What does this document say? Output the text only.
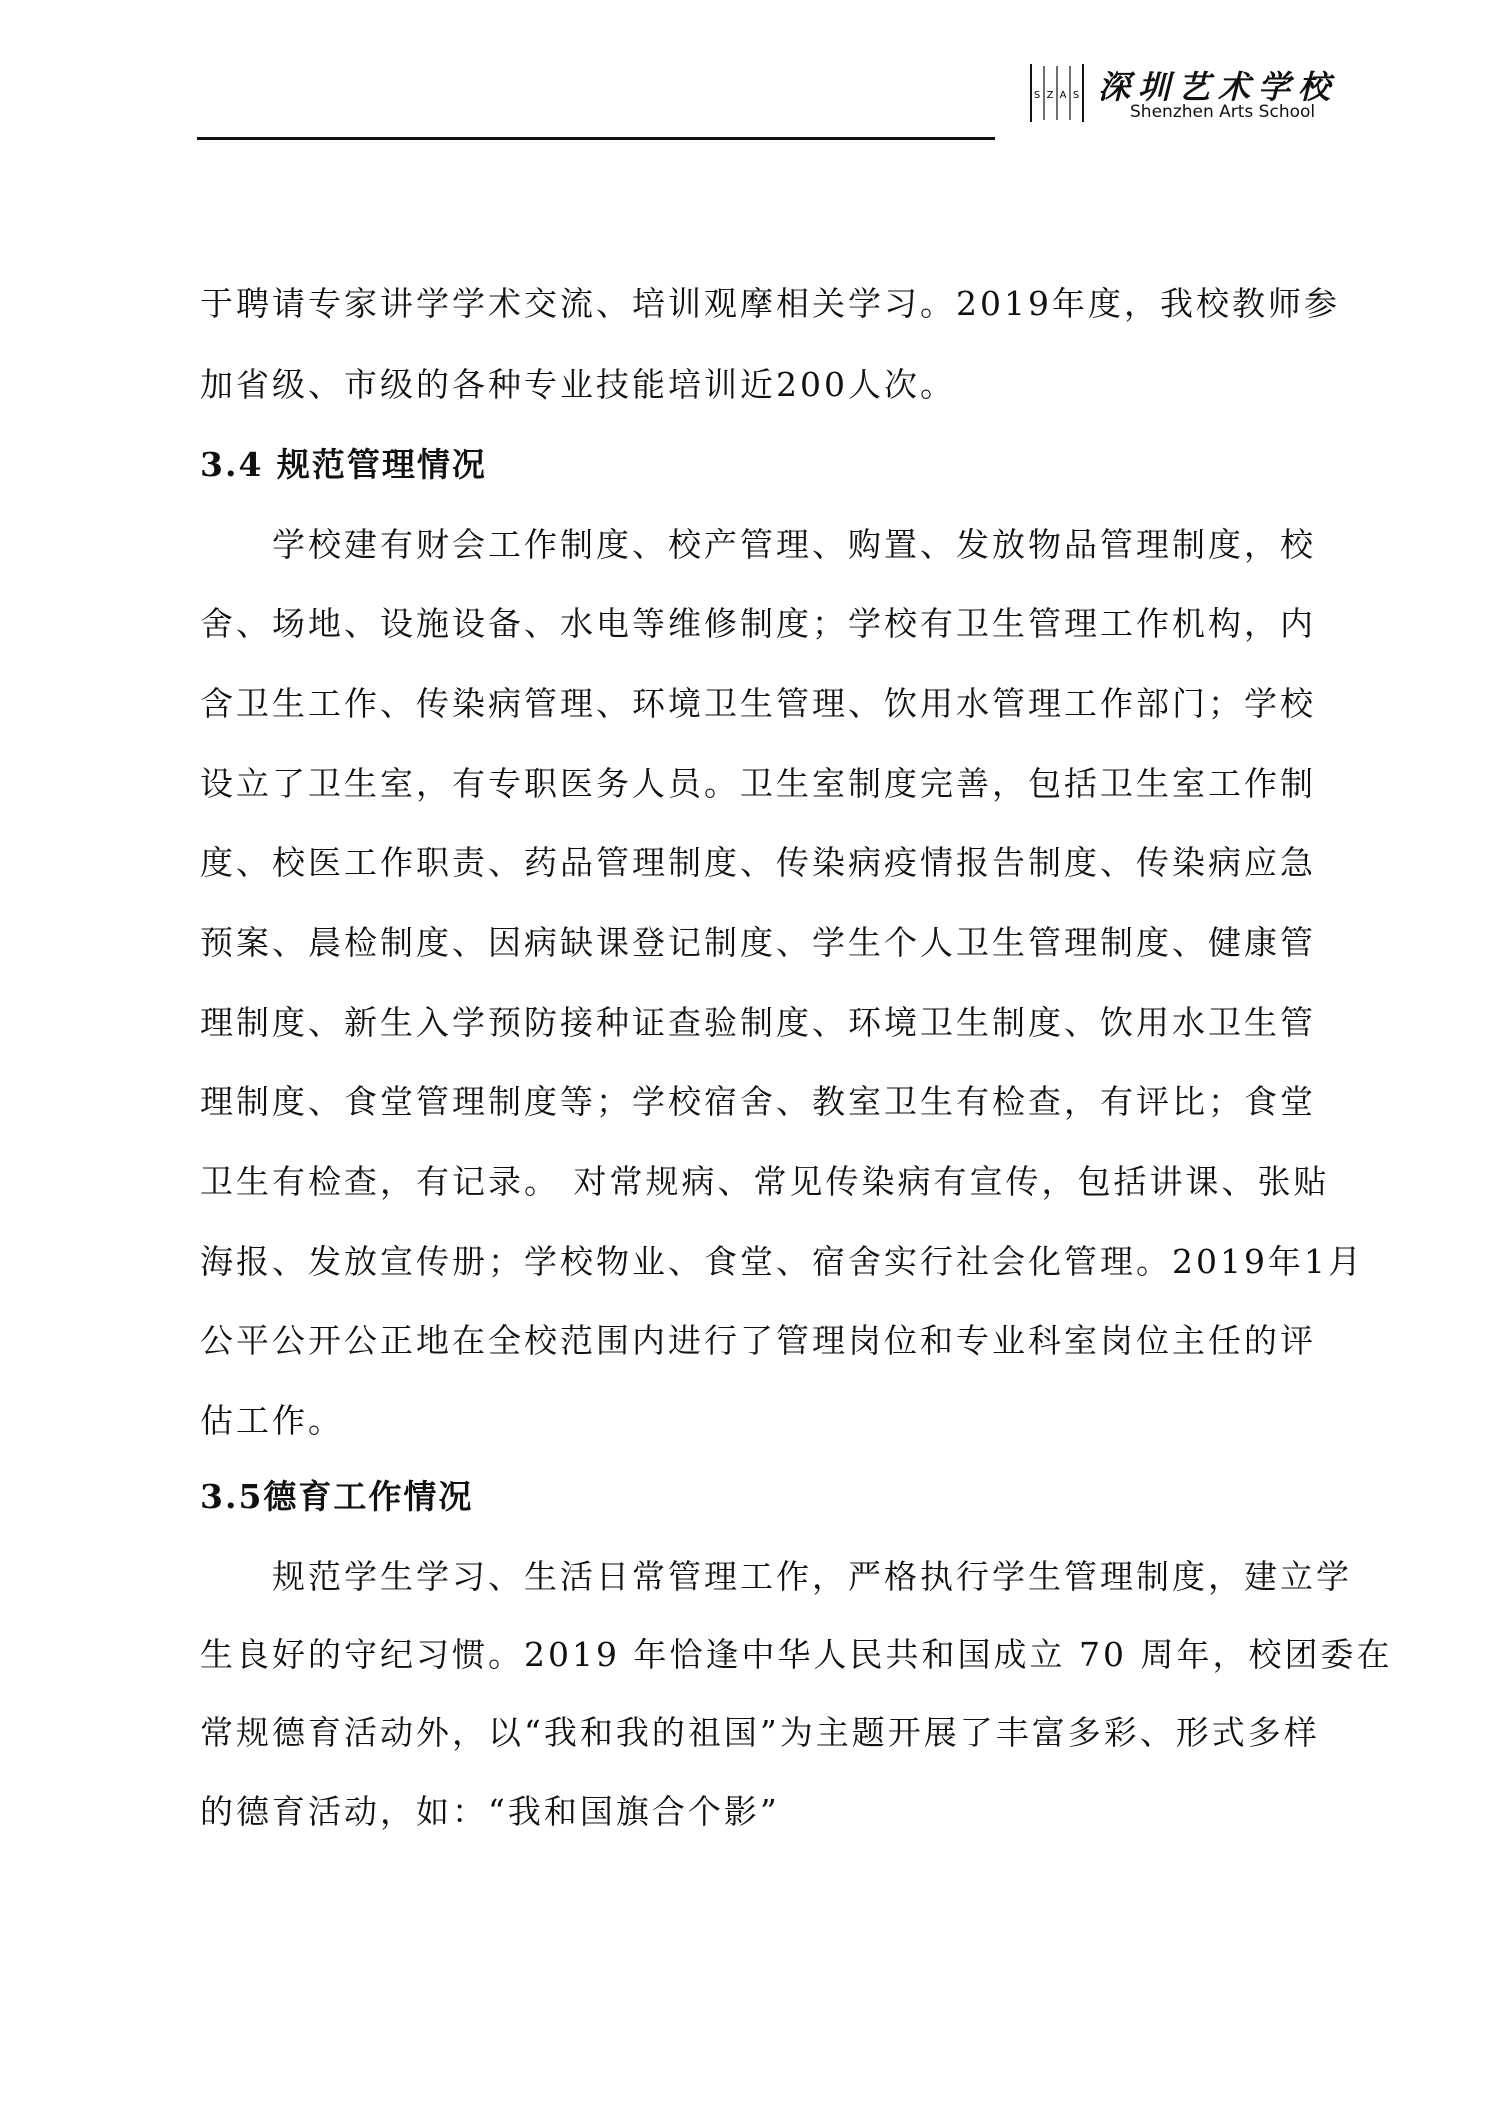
S Z A S 深圳艺术学校
Shenzhen Arts School
于聘请专家讲学学术交流、培训观摩相关学习。2019年度，我校教师参
加省级、市级的各种专业技能培训近200人次。
3.4 规范管理情况
　　学校建有财会工作制度、校产管理、购置、发放物品管理制度，校
舍、场地、设施设备、水电等维修制度；学校有卫生管理工作机构，内
含卫生工作、传染病管理、环境卫生管理、饮用水管理工作部门；学校
设立了卫生室，有专职医务人员。卫生室制度完善，包括卫生室工作制
度、校医工作职责、药品管理制度、传染病疫情报告制度、传染病应急
预案、晨检制度、因病缺课登记制度、学生个人卫生管理制度、健康管
理制度、新生入学预防接种证查验制度、环境卫生制度、饮用水卫生管
理制度、食堂管理制度等；学校宿舍、教室卫生有检查，有评比；食堂
卫生有检查，有记录。 对常规病、常见传染病有宣传，包括讲课、张贴
海报、发放宣传册；学校物业、食堂、宿舍实行社会化管理。2019年1月
公平公开公正地在全校范围内进行了管理岗位和专业科室岗位主任的评
估工作。
3.5德育工作情况
　　规范学生学习、生活日常管理工作，严格执行学生管理制度，建立学
生良好的守纪习惯。2019 年恰逢中华人民共和国成立 70 周年，校团委在
常规德育活动外，以“我和我的祖国”为主题开展了丰富多彩、形式多样
的德育活动，如：“我和国旗合个影”
